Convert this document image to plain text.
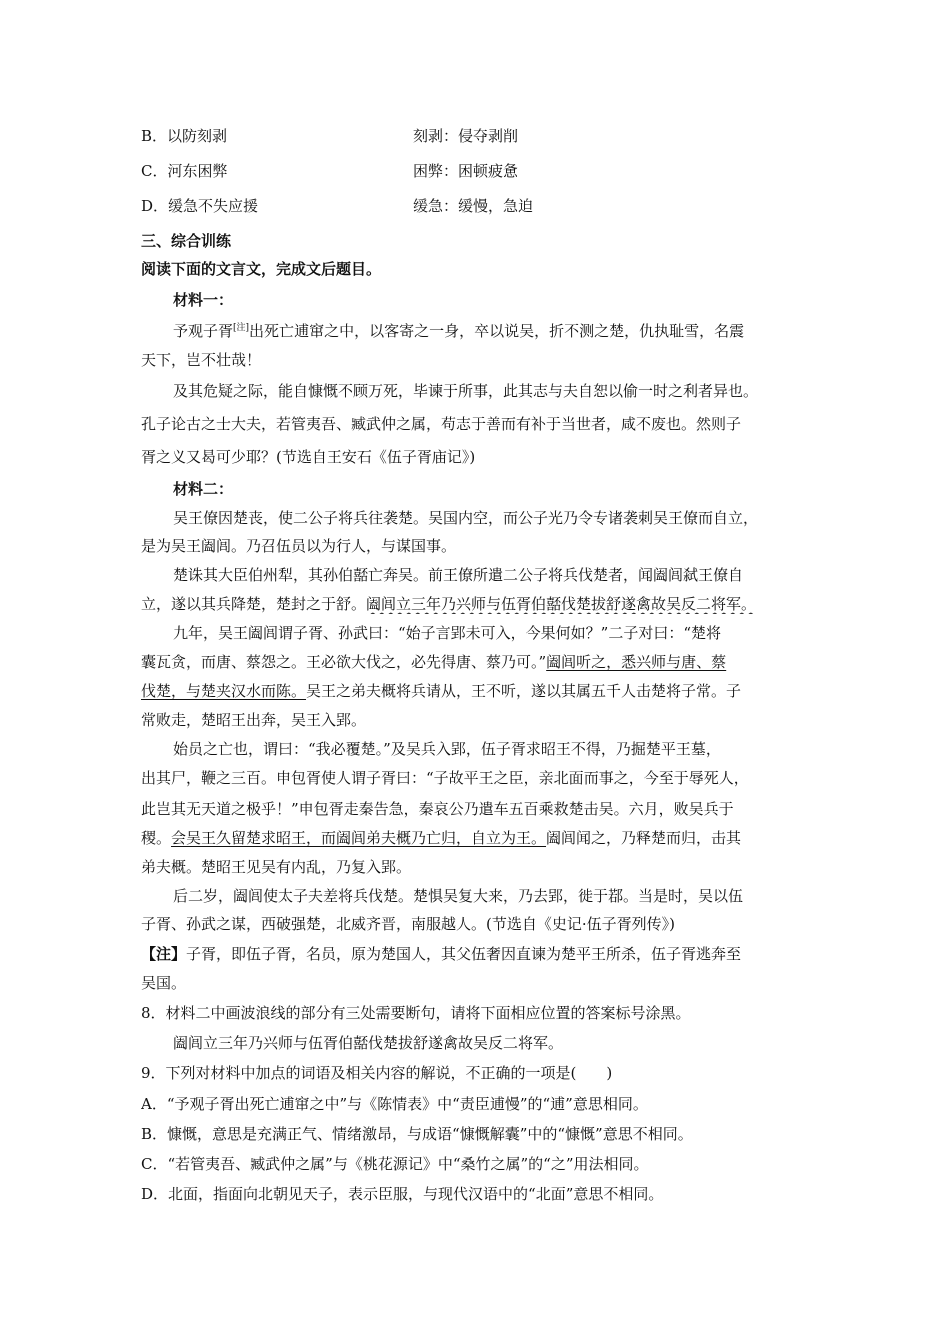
B．以防刻剥	刻剥：侵夺剥削
C．河东困弊	困弊：困顿疲惫
D．缓急不失应援	缓急：缓慢，急迫
三、综合训练
阅读下面的文言文，完成文后题目。
材料一：
予观子胥[注]出死亡逋窜之中，以客寄之一身，卒以说吴，折不测之楚，仇执耻雪，名震
天下，岂不壮哉！
及其危疑之际，能自慷慨不顾万死，毕谏于所事，此其志与夫自恕以偷一时之利者异也。
孔子论古之士大夫，若管夷吾、臧武仲之属，苟志于善而有补于当世者，咸不废也。然则子
胥之义又曷可少耶？(节选自王安石《伍子胥庙记》)
材料二：
吴王僚因楚丧，使二公子将兵往袭楚。吴国内空，而公子光乃令专诸袭刺吴王僚而自立，
是为吴王阖闾。乃召伍员以为行人，与谋国事。
楚诛其大臣伯州犁，其孙伯嚭亡奔吴。前王僚所遣二公子将兵伐楚者，闻阖闾弑王僚自
立，遂以其兵降楚，楚封之于舒。阖闾立三年乃兴师与伍胥伯嚭伐楚拔舒遂禽故吴反二将军。
九年，吴王阖闾谓子胥、孙武曰：“始子言郢未可入，今果何如？”二子对曰：“楚将
囊瓦贪，而唐、蔡怨之。王必欲大伐之，必先得唐、蔡乃可。”阖闾听之，悉兴师与唐、蔡
伐楚，与楚夹汉水而陈。吴王之弟夫概将兵请从，王不听，遂以其属五千人击楚将子常。子
常败走，楚昭王出奔，吴王入郢。
始员之亡也，谓曰：“我必覆楚。”及吴兵入郢，伍子胥求昭王不得，乃掘楚平王墓，
出其尸，鞭之三百。申包胥使人谓子胥曰：“子故平王之臣，亲北面而事之，今至于辱死人，
此岂其无天道之极乎！”申包胥走秦告急，秦哀公乃遣车五百乘救楚击吴。六月，败吴兵于
稷。会吴王久留楚求昭王，而阖闾弟夫概乃亡归，自立为王。阖闾闻之，乃释楚而归，击其
弟夫概。楚昭王见吴有内乱，乃复入郢。
后二岁，阖闾使太子夫差将兵伐楚。楚惧吴复大来，乃去郢，徙于鄀。当是时，吴以伍
子胥、孙武之谋，西破强楚，北威齐晋，南服越人。(节选自《史记·伍子胥列传》)
【注】子胥，即伍子胥，名员，原为楚国人，其父伍奢因直谏为楚平王所杀，伍子胥逃奔至
吴国。
8．材料二中画波浪线的部分有三处需要断句，请将下面相应位置的答案标号涂黑。
阖闾立三年乃兴师与伍胥伯嚭伐楚拔舒遂禽故吴反二将军。
9．下列对材料中加点的词语及相关内容的解说，不正确的一项是(　　)
A．“予观子胥出死亡逋窜之中”与《陈情表》中“责臣逋慢”的“逋”意思相同。
B．慷慨，意思是充满正气、情绪激昂，与成语“慷慨解囊”中的“慷慨”意思不相同。
C．“若管夷吾、臧武仲之属”与《桃花源记》中“桑竹之属”的“之”用法相同。
D．北面，指面向北朝见天子，表示臣服，与现代汉语中的“北面”意思不相同。
